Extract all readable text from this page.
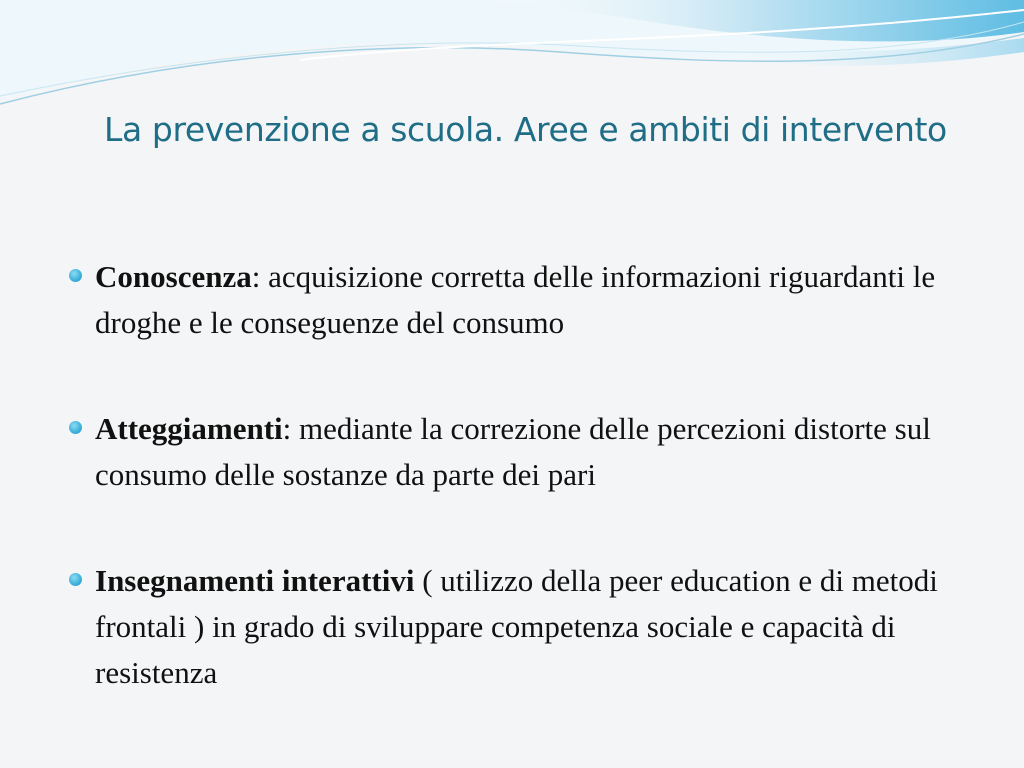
La prevenzione a scuola. Aree e ambiti di intervento
Conoscenza: acquisizione corretta delle informazioni riguardanti le droghe e le conseguenze del consumo
Atteggiamenti: mediante la correzione delle percezioni distorte sul consumo delle sostanze da parte dei pari
Insegnamenti interattivi ( utilizzo della peer education e di metodi frontali ) in grado di sviluppare competenza sociale e capacità di resistenza
